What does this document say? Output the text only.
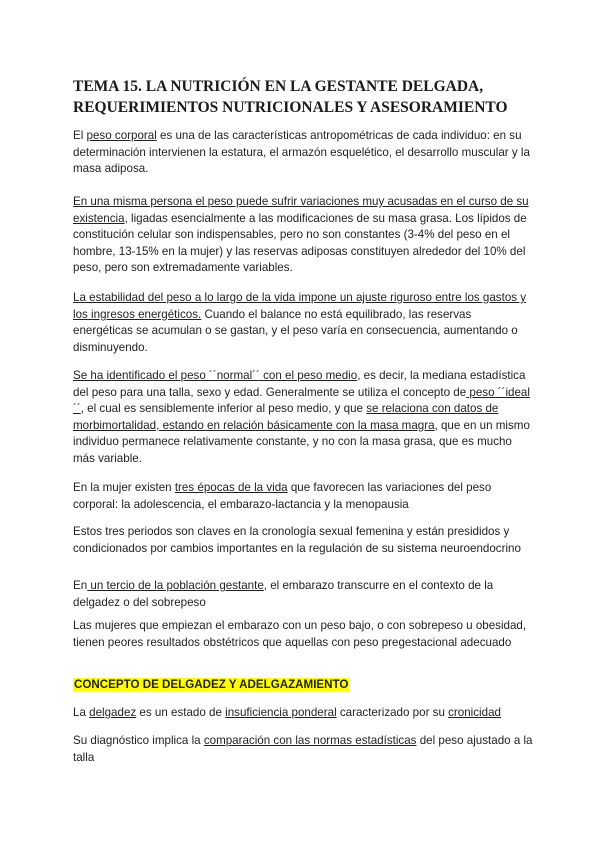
TEMA 15. LA NUTRICIÓN EN LA GESTANTE DELGADA,
REQUERIMIENTOS NUTRICIONALES Y ASESORAMIENTO

El peso corporal es una de las características antropométricas de cada individuo: en su determinación intervienen la estatura, el armazón esquelético, el desarrollo muscular y la masa adiposa.

En una misma persona el peso puede sufrir variaciones muy acusadas en el curso de su existencia, ligadas esencialmente a las modificaciones de su masa grasa. Los lípidos de constitución celular son indispensables, pero no son constantes (3-4% del peso en el hombre, 13-15% en la mujer) y las reservas adiposas constituyen alrededor del 10% del peso, pero son extremadamente variables.

La estabilidad del peso a lo largo de la vida impone un ajuste riguroso entre los gastos y los ingresos energéticos. Cuando el balance no está equilibrado, las reservas energéticas se acumulan o se gastan, y el peso varía en consecuencia, aumentando o disminuyendo.

Se ha identificado el peso ´´normal´´ con el peso medio, es decir, la mediana estadística del peso para una talla, sexo y edad. Generalmente se utiliza el concepto de peso ´´ideal´´, el cual es sensiblemente inferior al peso medio, y que se relaciona con datos de morbimortalidad, estando en relación básicamente con la masa magra, que en un mismo individuo permanece relativamente constante, y no con la masa grasa, que es mucho más variable.

En la mujer existen tres épocas de la vida que favorecen las variaciones del peso corporal: la adolescencia, el embarazo-lactancia y la menopausia

Estos tres periodos son claves en la cronología sexual femenina y están presididos y condicionados por cambios importantes en la regulación de su sistema neuroendocrino

En un tercio de la población gestante, el embarazo transcurre en el contexto de la delgadez o del sobrepeso

Las mujeres que empiezan el embarazo con un peso bajo, o con sobrepeso u obesidad, tienen peores resultados obstétricos que aquellas con peso pregestacional adecuado

CONCEPTO DE DELGADEZ Y ADELGAZAMIENTO

La delgadez es un estado de insuficiencia ponderal caracterizado por su cronicidad

Su diagnóstico implica la comparación con las normas estadísticas del peso ajustado a la talla
